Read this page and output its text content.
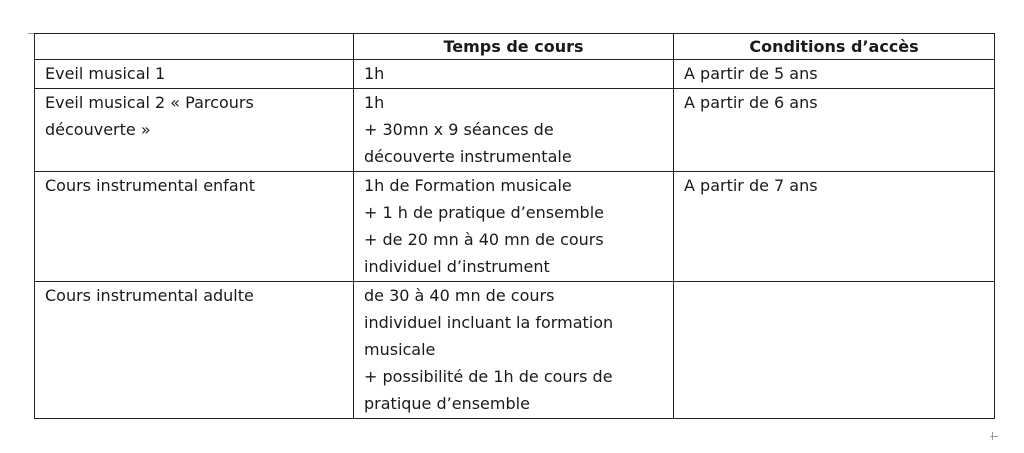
	Temps de cours	Conditions d’accès

Eveil musical 1	1h	A partir de 5 ans

Eveil musical 2 « Parcours
découverte »	1h
+ 30mn x 9 séances de
découverte instrumentale	A partir de 6 ans

Cours instrumental enfant	1h de Formation musicale
+ 1 h de pratique d’ensemble
+ de 20 mn à 40 mn de cours
individuel d’instrument	A partir de 7 ans

Cours instrumental adulte	de 30 à 40 mn de cours
individuel incluant la formation
musicale
+ possibilité de 1h de cours de
pratique d’ensemble	
